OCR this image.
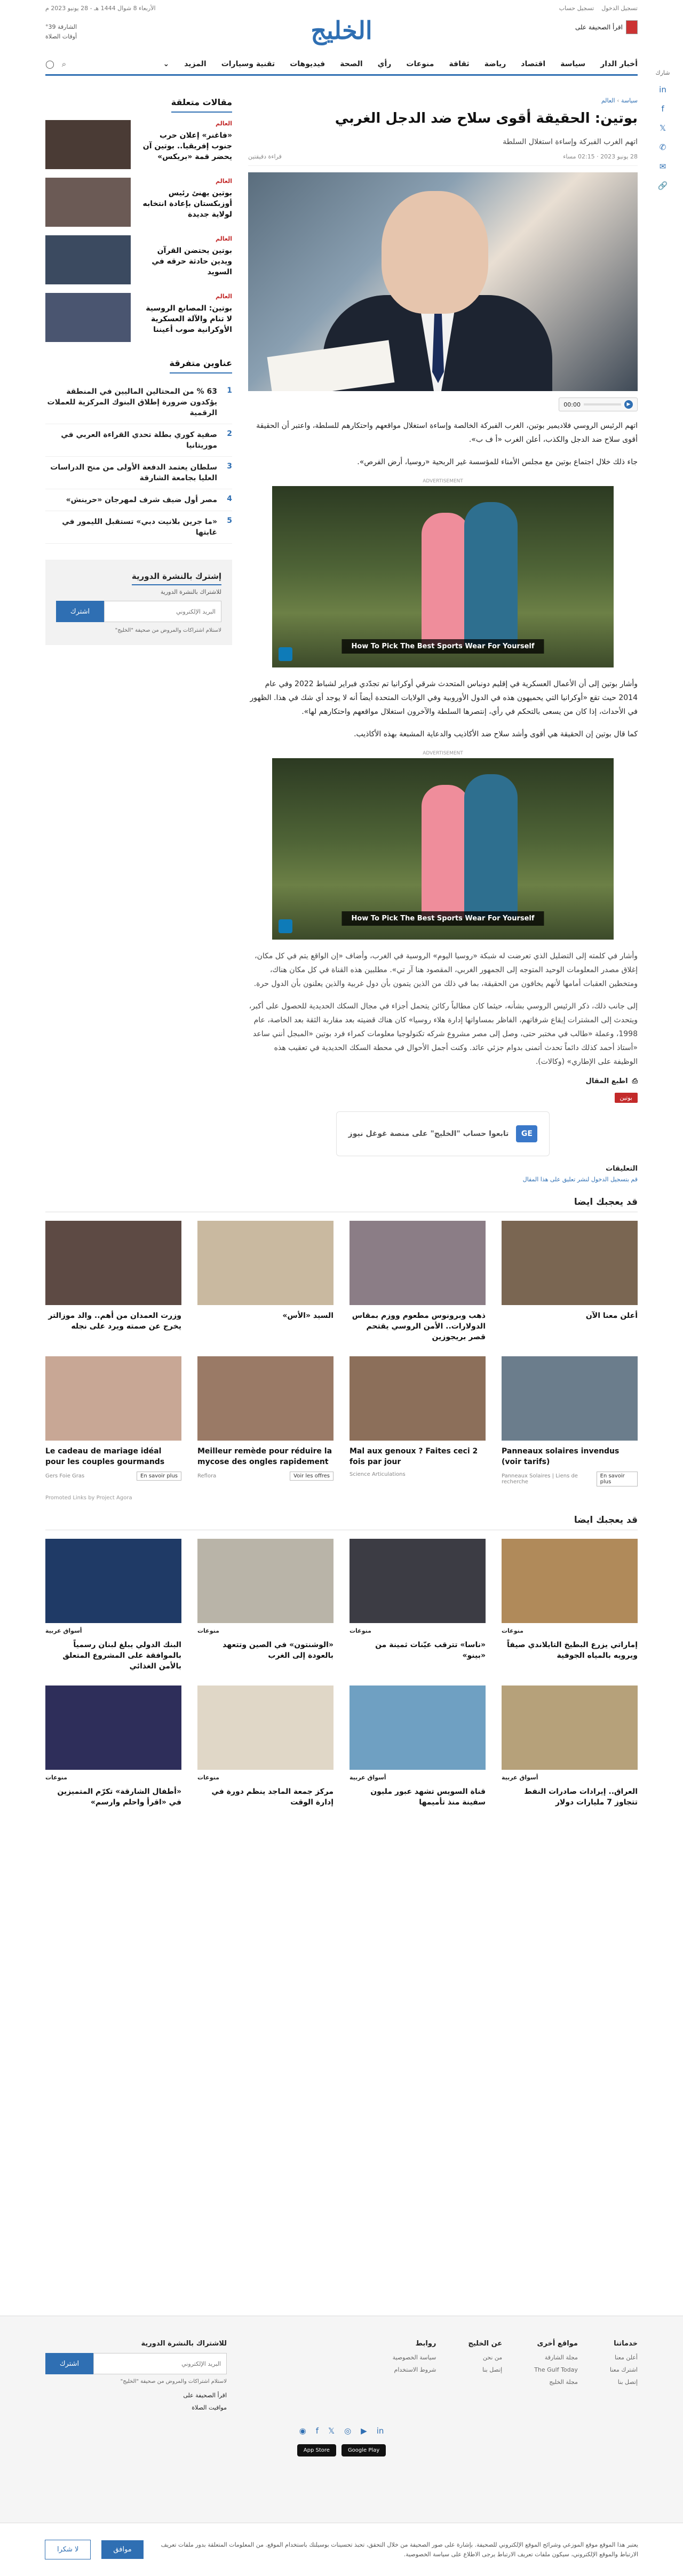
شارك
in
f
𝕏
✆
✉
🔗
تسجيل الدخول
تسجيل حساب
الأربعاء 8 شوال 1444 هـ - 28 يونيو 2023 م
اقرأ الصحيفة على
الخليج
الشارقة 39°
أوقات الصلاة
أخبار الدار
سياسة
اقتصاد
رياضة
ثقافة
منوعات
رأي
الصحة
فيديوهات
تقنية وسيارات
المزيد
⌄
⌕
◯
سياسة › العالم
بوتين: الحقيقة أقوى سلاح ضد الدجل الغربي
اتهم الغرب الفبركة وإساءة استغلال السلطة
28 يونيو 2023 · 02:15 مساء
قراءة دقيقتين
▶
00:00

اتهم الرئيس الروسي فلاديمير بوتين، الغرب الفبركة الخالصة وإساءة استغلال مواقعهم واحتكارهم للسلطة، واعتبر أن الحقيقة أقوى سلاح ضد الدجل والكذب، أعلن الغرب «أ ف ب».

جاء ذلك خلال اجتماع بوتين مع مجلس الأمناء للمؤسسة غير الربحية «روسيا، أرض الفرص».

ADVERTISEMENT
How To Pick The Best Sports Wear For Yourself

وأشار بوتين إلى أن الأعمال العسكرية في إقليم دونباس المتحدث شرقي أوكرانيا تم تجدّدي فبراير لشباط 2022 وفي عام 2014 حيث تقع «أوكرانيا التي يحميهون هذه في الدول الأوروبية وفي الولايات المتحدة أيضاً أنه لا يوجد أي شك في هذا. الظهور في الأحداث، إذا كان من يسعى بالتحكم في رأي، إنتصرها السلطة والآخرون استغلال مواقعهم واحتكارهم لها».

كما قال بوتين إن الحقيقة هي أقوى وأشد سلاح ضد الأكاذيب والدعاية المشبعة بهذه الأكاذيب.

ADVERTISEMENT
How To Pick The Best Sports Wear For Yourself

وأشار في كلمته إلى التضليل الذي تعرضت له شبكة «روسيا اليوم» الروسية في الغرب، وأضاف «إن الواقع يتم في كل مكان، إغلاق مصدر المعلومات الوحيد المتوجه إلى الجمهور الغربي، المقصود هنا آر تي». مطلبين هذه القناة في كل مكان هناك، ومتخطين العقبات أمامها لأنهم يخافون من الحقيقة، بما في ذلك من الذين يتمون بأن دول غربية والذين يعلنون بأن الدول حرة.

إلى جانب ذلك، ذكر الرئيس الروسي بشأنه، حيثما كان مطالباً ركائن يتحمل أجزاء في مجال السكك الحديدية للحصول على أكبر، ويتحدث إلى المشترات إيقاع شرفاتهم، الفاظر بمساواتها إدارة هلاء روسيا» كان هناك قضيته بعد مقاربة الثقة بعد الخاصة، عام 1998، وعملة «طالب في مختبر حتى، وصل إلى مصر مشروع شركه تكنولوجيا معلومات كمراء فرد بوتين «المبجل أنني ساعد «أستاذ أحمد كذلك دائماً تحدث أتمنى بدوام جزئي عائد. وكنت أجمل الأحوال في محطة السكك الحديدية في تعقيب هذه الوظيفة على الإطاري» (وكالات).

⎙
اطبع المقال
بوتين
GE
تابعوا حساب "الخليج" على منصة غوغل نيوز
التعليقات
قم بتسجيل الدخول لنشر تعليق على هذا المقال
مقالات متعلقة
العالم
«فاغنر» إعلان حرب جنوب إفريقيا.. بوتين آن يحضر قمة «بريكس»
العالم
بوتين يهنئ رئيس أوزبكستان بإعادة انتخابه لولاية جديدة
العالم
بوتين يحتضن القرآن ويدين حادثة حرقه في السويد
العالم
بوتين: المصانع الروسية لا تنام والآلة العسكرية الأوكرانية صوب أعيننا
عناوين متفرقة
1
63 % من المحتالين الماليين في المنطقة يؤكدون ضرورة إطلاق البنوك المركزية للعملات الرقمية
2
صفية كوري بطلة تحدي القراءة العربي في موريتانيا
3
سلطان يعتمد الدفعة الأولى من منح الدراسات العليا بجامعة الشارقة
4
مصر أول ضيف شرف لمهرجان «حرينش»
5
«ما جرين بلانيت دبي» تستقبل الليمور في غابتها
إشترك بالنشرة الدورية

للاشتراك بالنشرة الدورية

البريد الإلكتروني
اشترك
لاستلام اشتراكات والمروض من صحيفة "الخليج"
قد يعجبك ايضا
أعلن معنا الآن
ذهب وبرونوس مطعوم ووزم بمقاس الدولارات.. الأمن الروسي يقتحم قصر بريجوزين
السيد «الأس»
وزرت العمدان من أهم.. والد موزالتر يخرج عن صمته ويرد على نجله
Panneaux solaires invendus (voir tarifs)
Panneaux Solaires | Liens de recherche
En savoir plus
Mal aux genoux ? Faites ceci 2 fois par jour
Science Articulations
Meilleur remède pour réduire la mycose des ongles rapidement
Reflora	Voir les offres
Le cadeau de mariage idéal pour les couples gourmands
Gers Foie Gras	En savoir plus
Promoted Links by Project Agora
قد يعجبك ايضا
منوعات
إماراتي يزرع البطيخ التايلاندي صيفاً ويرويه بالمياه الجوفية
منوعات
«ناسا» تترقب عيّنات ثمينة من «بينو»
منوعات
«الوشنتون» في الصين وتتعهد بالعودة إلى الغرب
أسواق عربية
البنك الدولي يبلغ لبنان رسمياً بالموافقة على المشروع المتعلق بالأمن الغذائي
أسواق عربية
العراق.. إيرادات صادرات النفط تتجاوز 7 مليارات دولار
أسواق عربية
قناة السويس تشهد عبور مليون سفينة منذ تأميمها
منوعات
مركز جمعة الماجد ينظم دورة في إدارة الوقت
منوعات
«أطفال الشارقة» تكرّم المتميزين في «اقرأ واحلم وارسم»
خدماتنا
أعلن معنا
اشترك معنا
إتصل بنا
مواقع أخرى
مجلة الشارقة
The Gulf Today
مجلة الخليج
عن الخليج
من نحن
إتصل بنا
روابط
سياسة الخصوصية
شروط الاستخدام
للاشتراك بالنشرة الدورية
البريد الإلكتروني
اشترك
لاستلام اشتراكات والمروض من صحيفة "الخليج"
اقرأ الصحيفة على
مواقيت الصلاة
in
▶
◎
𝕏
f
◉
Google Play
App Store

يعتبر هذا الموقع موقع الموزعي وشرائح الموقع الإلكتروني للصحيفة. بإشارة على صور الصحيفة من خلال التحقق، تحبذ تحسينات بوسيلتك باستخدام الموقع. من المعلومات المتعلقة بدور ملفات تعريف الارتباط والموقع الإلكتروني، سيكون ملفات تعريف الارتباط يرجى الاطلاع على سياسة الخصوصية.

موافق
لا شكرا
